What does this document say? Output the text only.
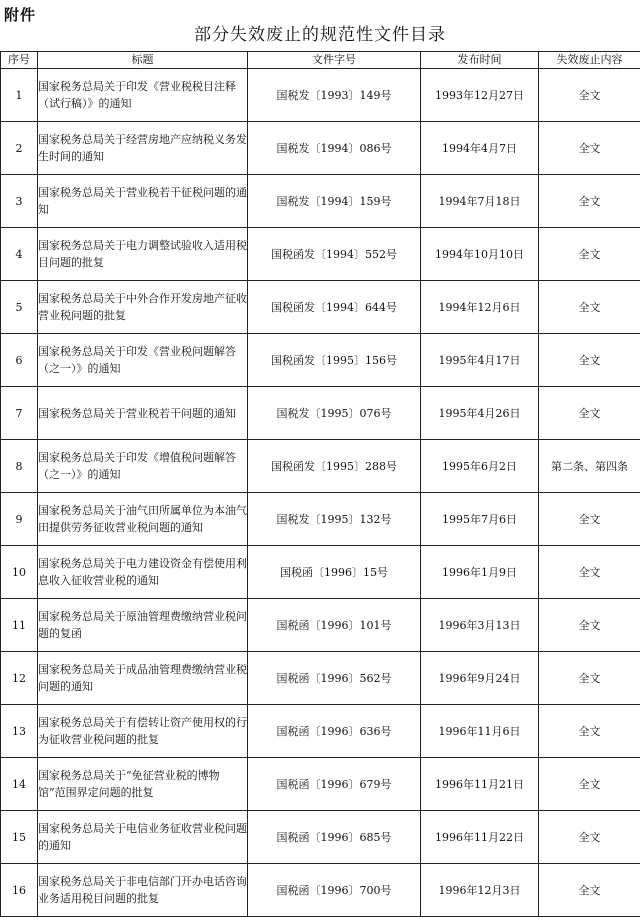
附件
部分失效废止的规范性文件目录
序号	标题	文件字号	发布时间	失效废止内容
1	国家税务总局关于印发《营业税税目注释（试行稿）》的通知	国税发〔1993〕149号	1993年12月27日	全文
2	国家税务总局关于经营房地产应纳税义务发生时间的通知	国税发〔1994〕086号	1994年4月7日	全文
3	国家税务总局关于营业税若干征税问题的通知	国税发〔1994〕159号	1994年7月18日	全文
4	国家税务总局关于电力调整试验收入适用税目问题的批复	国税函发〔1994〕552号	1994年10月10日	全文
5	国家税务总局关于中外合作开发房地产征收营业税问题的批复	国税函发〔1994〕644号	1994年12月6日	全文
6	国家税务总局关于印发《营业税问题解答（之一）》的通知	国税函发〔1995〕156号	1995年4月17日	全文
7	国家税务总局关于营业税若干问题的通知	国税发〔1995〕076号	1995年4月26日	全文
8	国家税务总局关于印发《增值税问题解答（之一）》的通知	国税函发〔1995〕288号	1995年6月2日	第二条、第四条
9	国家税务总局关于油气田所属单位为本油气田提供劳务征收营业税问题的通知	国税发〔1995〕132号	1995年7月6日	全文
10	国家税务总局关于电力建设资金有偿使用利息收入征收营业税的通知	国税函〔1996〕15号	1996年1月9日	全文
11	国家税务总局关于原油管理费缴纳营业税问题的复函	国税函〔1996〕101号	1996年3月13日	全文
12	国家税务总局关于成品油管理费缴纳营业税问题的通知	国税函〔1996〕562号	1996年9月24日	全文
13	国家税务总局关于有偿转让资产使用权的行为征收营业税问题的批复	国税函〔1996〕636号	1996年11月6日	全文
14	国家税务总局关于“免征营业税的博物馆”范围界定问题的批复	国税函〔1996〕679号	1996年11月21日	全文
15	国家税务总局关于电信业务征收营业税问题的通知	国税函〔1996〕685号	1996年11月22日	全文
16	国家税务总局关于非电信部门开办电话咨询业务适用税目问题的批复	国税函〔1996〕700号	1996年12月3日	全文
